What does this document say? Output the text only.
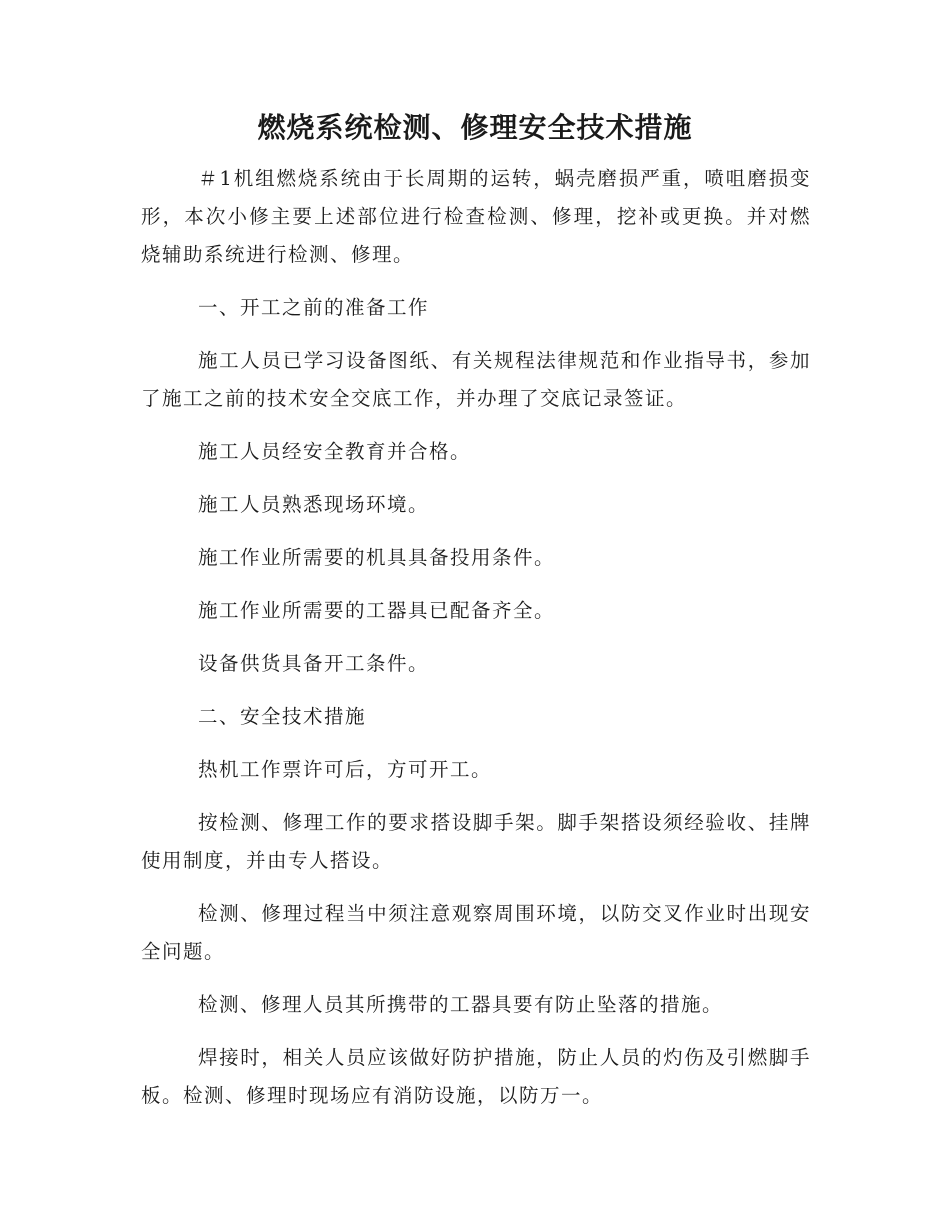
燃烧系统检测、修理安全技术措施

＃1机组燃烧系统由于长周期的运转，蜗壳磨损严重，喷咀磨损变形，本次小修主要上述部位进行检查检测、修理，挖补或更换。并对燃烧辅助系统进行检测、修理。

一、开工之前的准备工作

施工人员已学习设备图纸、有关规程法律规范和作业指导书，参加了施工之前的技术安全交底工作，并办理了交底记录签证。

施工人员经安全教育并合格。

施工人员熟悉现场环境。

施工作业所需要的机具具备投用条件。

施工作业所需要的工器具已配备齐全。

设备供货具备开工条件。

二、安全技术措施

热机工作票许可后，方可开工。

按检测、修理工作的要求搭设脚手架。脚手架搭设须经验收、挂牌使用制度，并由专人搭设。

检测、修理过程当中须注意观察周围环境，以防交叉作业时出现安全问题。

检测、修理人员其所携带的工器具要有防止坠落的措施。

焊接时，相关人员应该做好防护措施，防止人员的灼伤及引燃脚手板。检测、修理时现场应有消防设施，以防万一。
